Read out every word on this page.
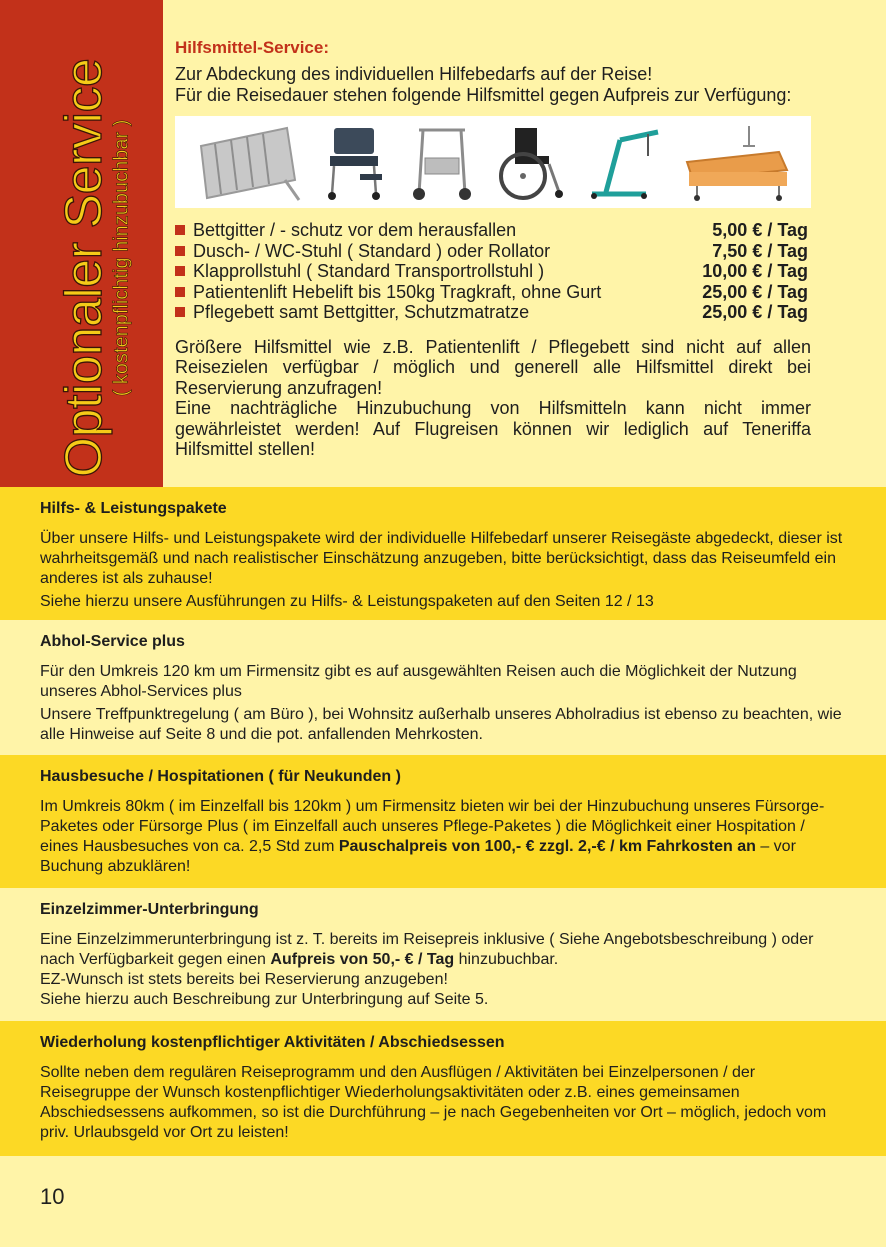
Optionaler Service
( kostenpflichtig hinzubuchbar )
Hilfsmittel-Service:

Zur Abdeckung des individuellen Hilfebedarfs auf der Reise!

Für die Reisedauer stehen folgende Hilfsmittel gegen Aufpreis zur Verfügung:

Bettgitter / - schutz vor dem herausfallen	5,00 € / Tag
Dusch- / WC-Stuhl ( Standard ) oder Rollator	7,50 € / Tag
Klapprollstuhl ( Standard Transportrollstuhl )	10,00 € / Tag
Patientenlift Hebelift bis 150kg Tragkraft, ohne Gurt	25,00 € / Tag
Pflegebett samt Bettgitter, Schutzmatratze	25,00 € / Tag

Größere Hilfsmittel wie z.B. Patientenlift / Pflegebett sind nicht auf allen Reisezielen verfügbar / möglich und generell alle Hilfsmittel direkt bei Reservierung anzufragen!

Eine nachträgliche Hinzubuchung von Hilfsmitteln kann nicht immer gewährleistet werden! Auf Flugreisen können wir lediglich auf Teneriffa Hilfsmittel stellen!

Hilfs- & Leistungspakete

Über unsere Hilfs- und Leistungspakete wird der individuelle Hilfebedarf unserer Reisegäste abgedeckt, dieser ist wahrheitsgemäß und nach realistischer Einschätzung anzugeben, bitte berücksichtigt, dass das Reiseumfeld ein anderes ist als zuhause!

Siehe hierzu unsere Ausführungen zu Hilfs- & Leistungspaketen auf den Seiten 12 / 13

Abhol-Service plus

Für den Umkreis 120 km um Firmensitz gibt es auf ausgewählten Reisen auch die Möglichkeit der Nutzung unseres Abhol-Services plus

Unsere Treffpunktregelung ( am Büro ), bei Wohnsitz außerhalb unseres Abholradius ist ebenso zu beachten, wie alle Hinweise auf Seite 8 und die pot. anfallenden Mehrkosten.

Hausbesuche / Hospitationen ( für Neukunden )

Im Umkreis 80km ( im Einzelfall bis 120km ) um Firmensitz bieten wir bei der Hinzubuchung unseres Fürsorge-Paketes oder Fürsorge Plus ( im Einzelfall auch unseres Pflege-Paketes ) die Möglichkeit einer Hospitation / eines Hausbesuches von ca. 2,5 Std zum Pauschalpreis von 100,- € zzgl. 2,-€ / km Fahrkosten an – vor Buchung abzuklären!

Einzelzimmer-Unterbringung

Eine Einzelzimmerunterbringung ist z. T. bereits im Reisepreis inklusive ( Siehe Angebotsbeschreibung ) oder nach Verfügbarkeit gegen einen Aufpreis von 50,- € / Tag hinzubuchbar.
EZ-Wunsch ist stets bereits bei Reservierung anzugeben!
Siehe hierzu auch Beschreibung zur Unterbringung auf Seite 5.

Wiederholung kostenpflichtiger Aktivitäten / Abschiedsessen

Sollte neben dem regulären Reiseprogramm und den Ausflügen / Aktivitäten bei Einzelpersonen / der Reisegruppe der Wunsch kostenpflichtiger Wiederholungsaktivitäten oder z.B. eines gemeinsamen Abschiedsessens aufkommen, so ist die Durchführung – je nach Gegebenheiten vor Ort – möglich, jedoch vom priv. Urlaubsgeld vor Ort zu leisten!

10
